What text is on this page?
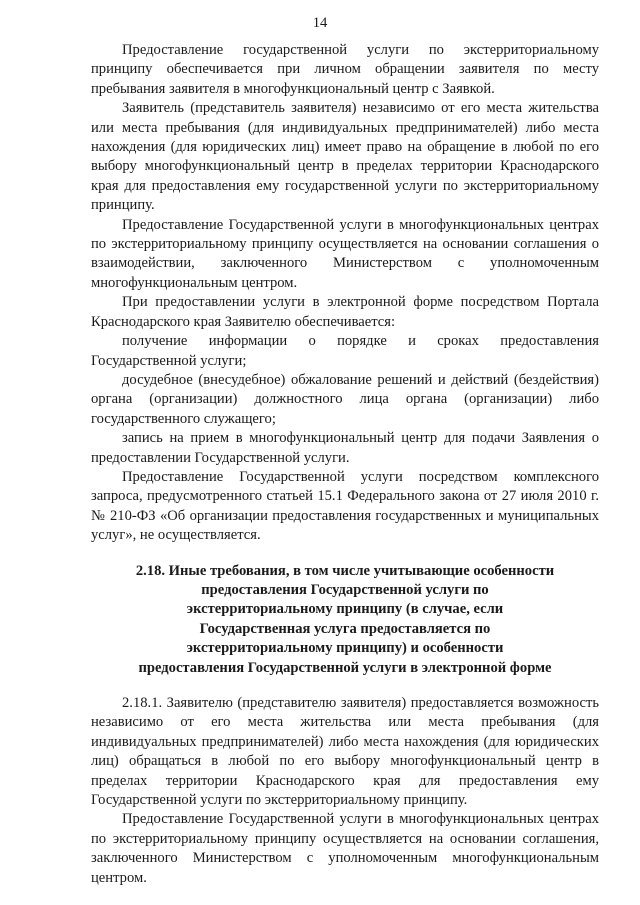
14

Предоставление государственной услуги по экстерриториальному принципу обеспечивается при личном обращении заявителя по месту пребывания заявителя в многофункциональный центр с Заявкой.

Заявитель (представитель заявителя) независимо от его места жительства или места пребывания (для индивидуальных предпринимателей) либо места нахождения (для юридических лиц) имеет право на обращение в любой по его выбору многофункциональный центр в пределах территории Краснодарского края для предоставления ему государственной услуги по экстерриториальному принципу.

Предоставление Государственной услуги в многофункциональных центрах по экстерриториальному принципу осуществляется на основании соглашения о взаимодействии, заключенного Министерством с уполномоченным многофункциональным центром.

При предоставлении услуги в электронной форме посредством Портала Краснодарского края Заявителю обеспечивается:

получение информации о порядке и сроках предоставления Государственной услуги;

досудебное (внесудебное) обжалование решений и действий (бездействия) органа (организации) должностного лица органа (организации) либо государственного служащего;

запись на прием в многофункциональный центр для подачи Заявления о предоставлении Государственной услуги.

Предоставление Государственной услуги посредством комплексного запроса, предусмотренного статьей 15.1 Федерального закона от 27 июля 2010 г. № 210-ФЗ «Об организации предоставления государственных и муниципальных услуг», не осуществляется.

2.18. Иные требования, в том числе учитывающие особенности предоставления Государственной услуги по экстерриториальному принципу (в случае, если Государственная услуга предоставляется по экстерриториальному принципу) и особенности предоставления Государственной услуги в электронной форме

2.18.1. Заявителю (представителю заявителя) предоставляется возможность независимо от его места жительства или места пребывания (для индивидуальных предпринимателей) либо места нахождения (для юридических лиц) обращаться в любой по его выбору многофункциональный центр в пределах территории Краснодарского края для предоставления ему Государственной услуги по экстерриториальному принципу.

Предоставление Государственной услуги в многофункциональных центрах по экстерриториальному принципу осуществляется на основании соглашения, заключенного Министерством с уполномоченным многофункциональным центром.
